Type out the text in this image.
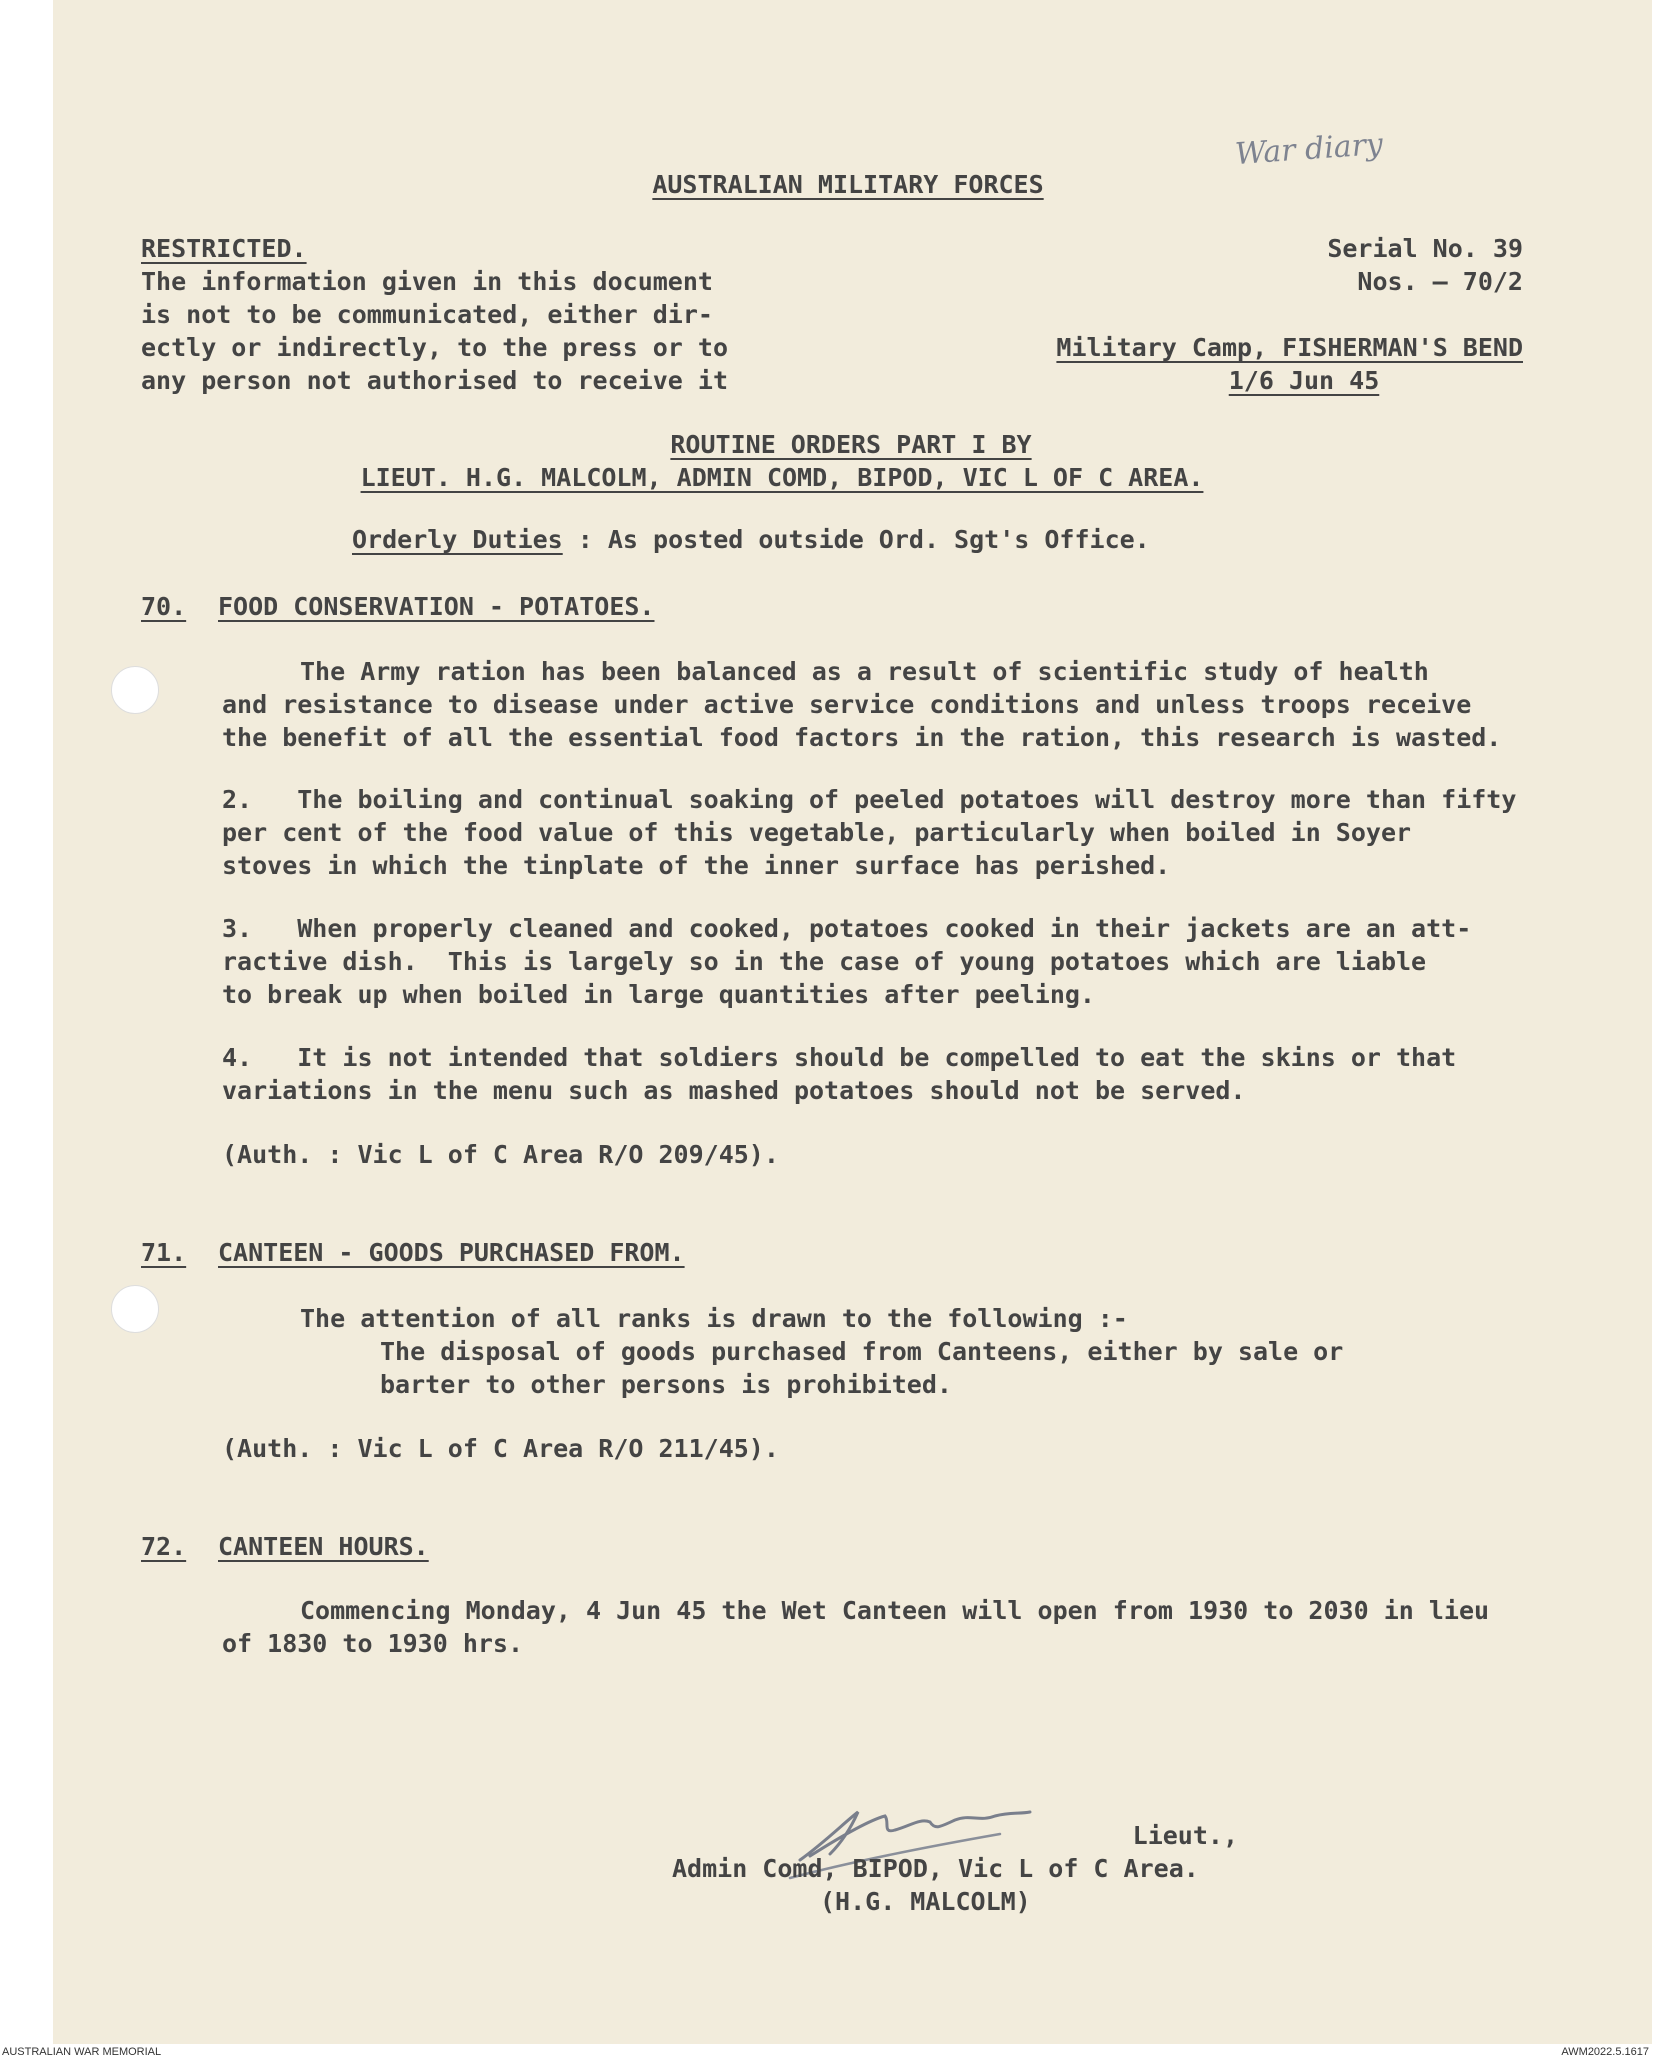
War diary
AUSTRALIAN MILITARY FORCES
RESTRICTED.
The information given in this document
is not to be communicated, either dir-
ectly or indirectly, to the press or to
any person not authorised to receive it
Serial No. 39
Nos. — 70/2
Military Camp, FISHERMAN'S BEND
1/6 Jun 45
ROUTINE ORDERS PART I BY
LIEUT. H.G. MALCOLM, ADMIN COMD, BIPOD, VIC L OF C AREA.
Orderly Duties : As posted outside Ord. Sgt's Office.
70. FOOD CONSERVATION - POTATOES.
The Army ration has been balanced as a result of scientific study of health
and resistance to disease under active service conditions and unless troops receive
the benefit of all the essential food factors in the ration, this research is wasted.
2.   The boiling and continual soaking of peeled potatoes will destroy more than fifty
per cent of the food value of this vegetable, particularly when boiled in Soyer
stoves in which the tinplate of the inner surface has perished.
3.   When properly cleaned and cooked, potatoes cooked in their jackets are an att-
ractive dish.  This is largely so in the case of young potatoes which are liable
to break up when boiled in large quantities after peeling.
4.   It is not intended that soldiers should be compelled to eat the skins or that
variations in the menu such as mashed potatoes should not be served.
(Auth. : Vic L of C Area R/O 209/45).
71. CANTEEN - GOODS PURCHASED FROM.
The attention of all ranks is drawn to the following :-
The disposal of goods purchased from Canteens, either by sale or
barter to other persons is prohibited.
(Auth. : Vic L of C Area R/O 211/45).
72. CANTEEN HOURS.
Commencing Monday, 4 Jun 45 the Wet Canteen will open from 1930 to 2030 in lieu
of 1830 to 1930 hrs.
Lieut.,
Admin Comd, BIPOD, Vic L of C Area.
(H.G. MALCOLM)
AUSTRALIAN WAR MEMORIAL	AWM2022.5.1617
